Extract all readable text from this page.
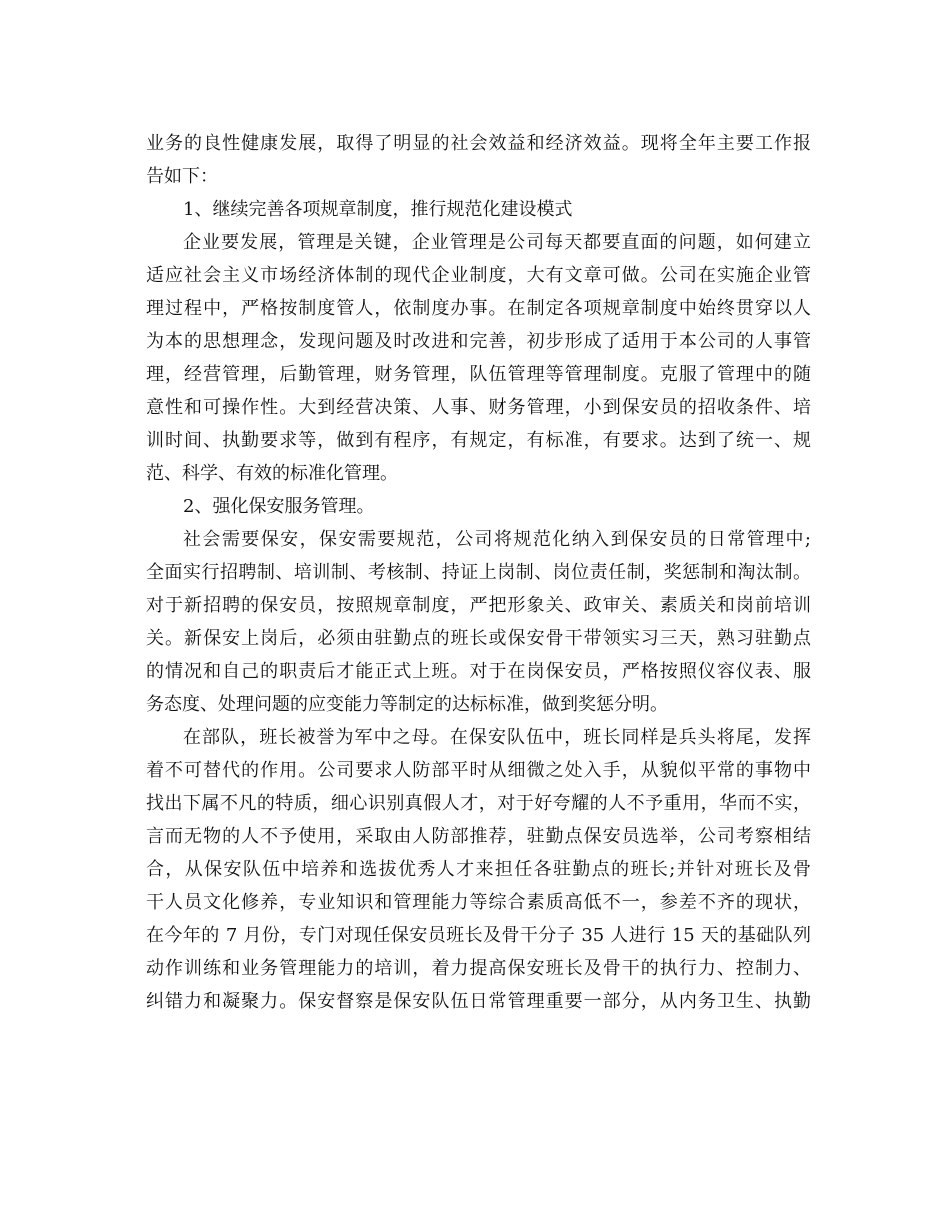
业务的良性健康发展，取得了明显的社会效益和经济效益。现将全年主要工作报
告如下：
1、继续完善各项规章制度，推行规范化建设模式
企业要发展，管理是关键，企业管理是公司每天都要直面的问题，如何建立
适应社会主义市场经济体制的现代企业制度，大有文章可做。公司在实施企业管
理过程中，严格按制度管人，依制度办事。在制定各项规章制度中始终贯穿以人
为本的思想理念，发现问题及时改进和完善，初步形成了适用于本公司的人事管
理，经营管理，后勤管理，财务管理，队伍管理等管理制度。克服了管理中的随
意性和可操作性。大到经营决策、人事、财务管理，小到保安员的招收条件、培
训时间、执勤要求等，做到有程序，有规定，有标准，有要求。达到了统一、规
范、科学、有效的标准化管理。
2、强化保安服务管理。
社会需要保安，保安需要规范，公司将规范化纳入到保安员的日常管理中;
全面实行招聘制、培训制、考核制、持证上岗制、岗位责任制，奖惩制和淘汰制。
对于新招聘的保安员，按照规章制度，严把形象关、政审关、素质关和岗前培训
关。新保安上岗后，必须由驻勤点的班长或保安骨干带领实习三天，熟习驻勤点
的情况和自己的职责后才能正式上班。对于在岗保安员，严格按照仪容仪表、服
务态度、处理问题的应变能力等制定的达标标准，做到奖惩分明。
在部队，班长被誉为军中之母。在保安队伍中，班长同样是兵头将尾，发挥
着不可替代的作用。公司要求人防部平时从细微之处入手，从貌似平常的事物中
找出下属不凡的特质，细心识别真假人才，对于好夸耀的人不予重用，华而不实，
言而无物的人不予使用，采取由人防部推荐，驻勤点保安员选举，公司考察相结
合，从保安队伍中培养和选拔优秀人才来担任各驻勤点的班长;并针对班长及骨
干人员文化修养，专业知识和管理能力等综合素质高低不一，参差不齐的现状，
在今年的 7 月份，专门对现任保安员班长及骨干分子 35 人进行 15 天的基础队列
动作训练和业务管理能力的培训，着力提高保安班长及骨干的执行力、控制力、
纠错力和凝聚力。保安督察是保安队伍日常管理重要一部分，从内务卫生、执勤
